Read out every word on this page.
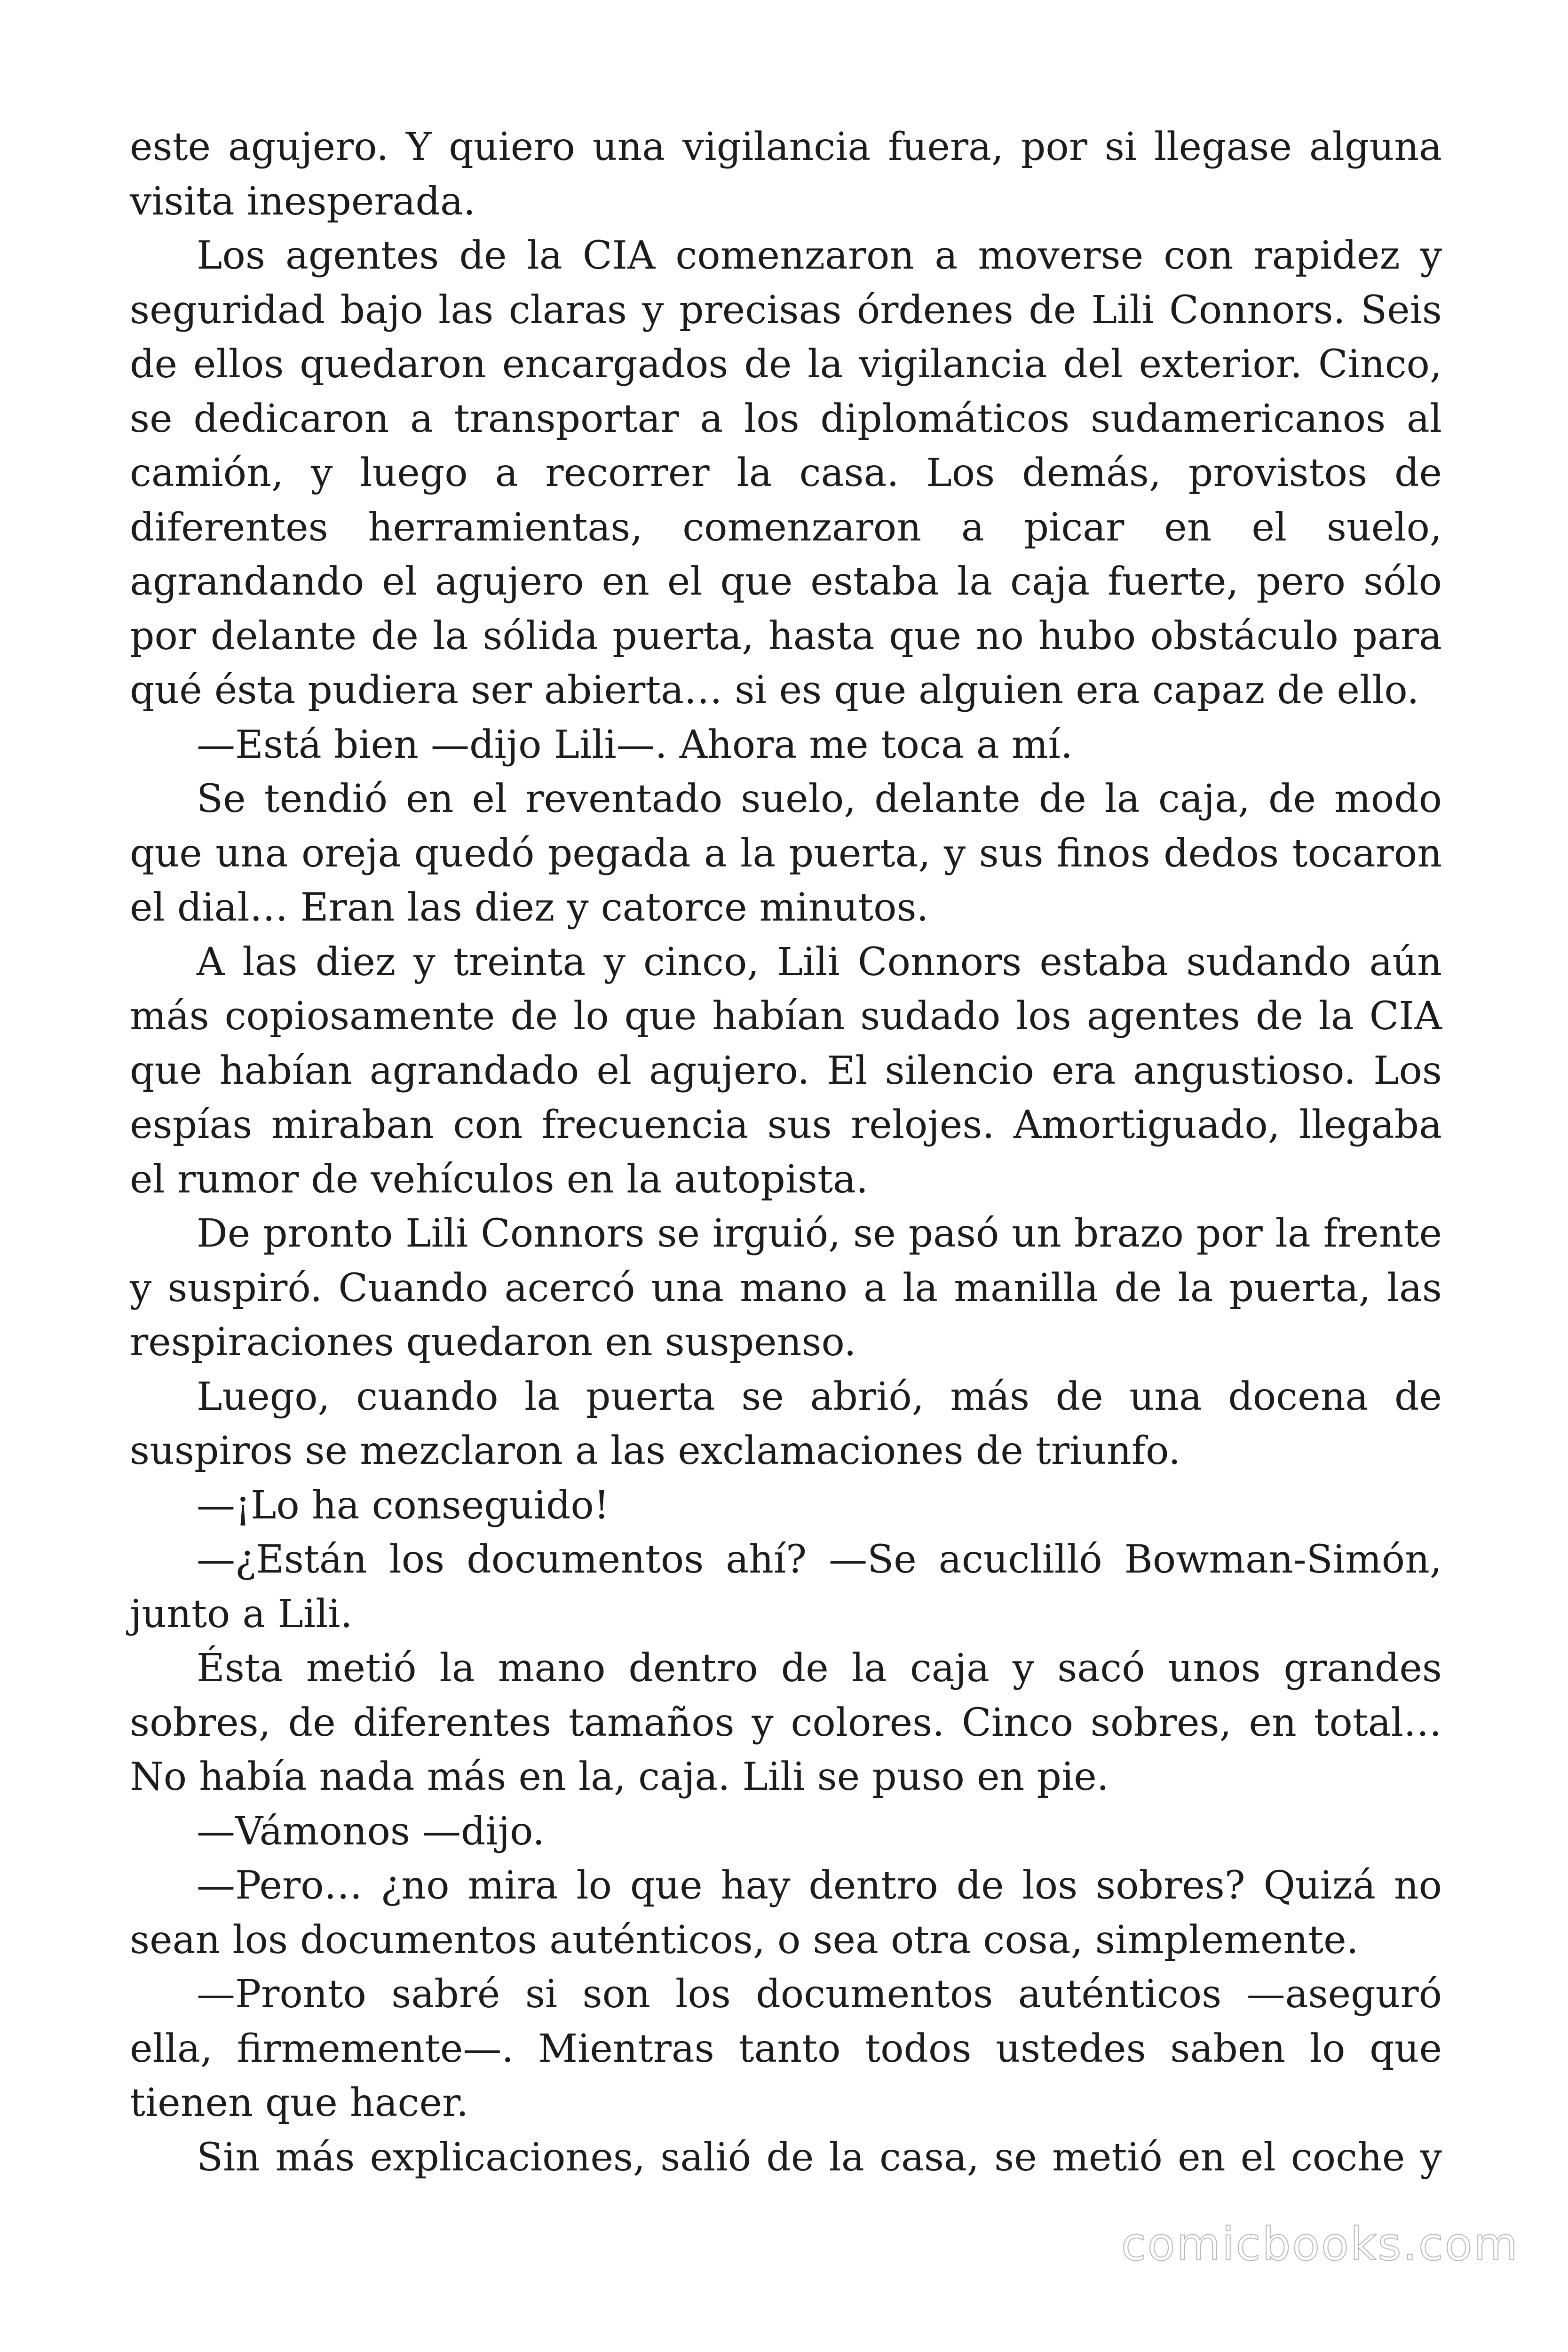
este agujero. Y quiero una vigilancia fuera, por si llegase alguna visita inesperada.

Los agentes de la CIA comenzaron a moverse con rapidez y seguridad bajo las claras y precisas órdenes de Lili Connors. Seis de ellos quedaron encargados de la vigilancia del exterior. Cinco, se dedicaron a transportar a los diplomáticos sudamericanos al camión, y luego a recorrer la casa. Los demás, provistos de diferentes herramientas, comenzaron a picar en el suelo, agrandando el agujero en el que estaba la caja fuerte, pero sólo por delante de la sólida puerta, hasta que no hubo obstáculo para qué ésta pudiera ser abierta… si es que alguien era capaz de ello.

—Está bien —dijo Lili—. Ahora me toca a mí.

Se tendió en el reventado suelo, delante de la caja, de modo que una oreja quedó pegada a la puerta, y sus finos dedos tocaron el dial… Eran las diez y catorce minutos.

A las diez y treinta y cinco, Lili Connors estaba sudando aún más copiosamente de lo que habían sudado los agentes de la CIA que habían agrandado el agujero. El silencio era angustioso. Los espías miraban con frecuencia sus relojes. Amortiguado, llegaba el rumor de vehículos en la autopista.

De pronto Lili Connors se irguió, se pasó un brazo por la frente y suspiró. Cuando acercó una mano a la manilla de la puerta, las respiraciones quedaron en suspenso.

Luego, cuando la puerta se abrió, más de una docena de suspiros se mezclaron a las exclamaciones de triunfo.

—¡Lo ha conseguido!

—¿Están los documentos ahí? —Se acuclilló Bowman-Simón, junto a Lili.

Ésta metió la mano dentro de la caja y sacó unos grandes sobres, de diferentes tamaños y colores. Cinco sobres, en total… No había nada más en la, caja. Lili se puso en pie.

—Vámonos —dijo.

—Pero… ¿no mira lo que hay dentro de los sobres? Quizá no sean los documentos auténticos, o sea otra cosa, simplemente.

—Pronto sabré si son los documentos auténticos —aseguró ella, firmemente—. Mientras tanto todos ustedes saben lo que tienen que hacer.

Sin más explicaciones, salió de la casa, se metió en el coche y

comicbooks.com
